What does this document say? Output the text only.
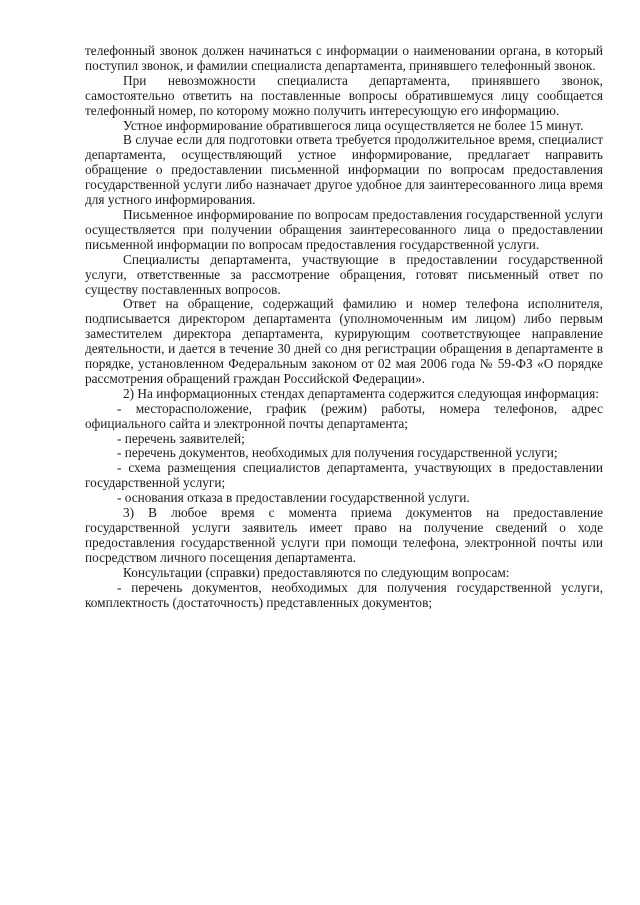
телефонный звонок должен начинаться с информации о наименовании органа, в который поступил звонок, и фамилии специалиста департамента, принявшего телефонный звонок.

При невозможности специалиста департамента, принявшего звонок, самостоятельно ответить на поставленные вопросы обратившемуся лицу сообщается телефонный номер, по которому можно получить интересующую его информацию.

Устное информирование обратившегося лица осуществляется не более 15 минут.

В случае если для подготовки ответа требуется продолжительное время, специалист департамента, осуществляющий устное информирование, предлагает направить обращение о предоставлении письменной информации по вопросам предоставления государственной услуги либо назначает другое удобное для заинтересованного лица время для устного информирования.

Письменное информирование по вопросам предоставления государственной услуги осуществляется при получении обращения заинтересованного лица о предоставлении письменной информации по вопросам предоставления государственной услуги.

Специалисты департамента, участвующие в предоставлении государственной услуги, ответственные за рассмотрение обращения, готовят письменный ответ по существу поставленных вопросов.

Ответ на обращение, содержащий фамилию и номер телефона исполнителя, подписывается директором департамента (уполномоченным им лицом) либо первым заместителем директора департамента, курирующим соответствующее направление деятельности, и дается в течение 30 дней со дня регистрации обращения в департаменте в порядке, установленном Федеральным законом от 02 мая 2006 года № 59-ФЗ «О порядке рассмотрения обращений граждан Российской Федерации».

2) На информационных стендах департамента содержится следующая информация:

- месторасположение, график (режим) работы, номера телефонов, адрес официального сайта и электронной почты департамента;

- перечень заявителей;

- перечень документов, необходимых для получения государственной услуги;

- схема размещения специалистов департамента, участвующих в предоставлении государственной услуги;

- основания отказа в предоставлении государственной услуги.

3) В любое время с момента приема документов на предоставление государственной услуги заявитель имеет право на получение сведений о ходе предоставления государственной услуги при помощи телефона, электронной почты или посредством личного посещения департамента.

Консультации (справки) предоставляются по следующим вопросам:

- перечень документов, необходимых для получения государственной услуги, комплектность (достаточность) представленных документов;
